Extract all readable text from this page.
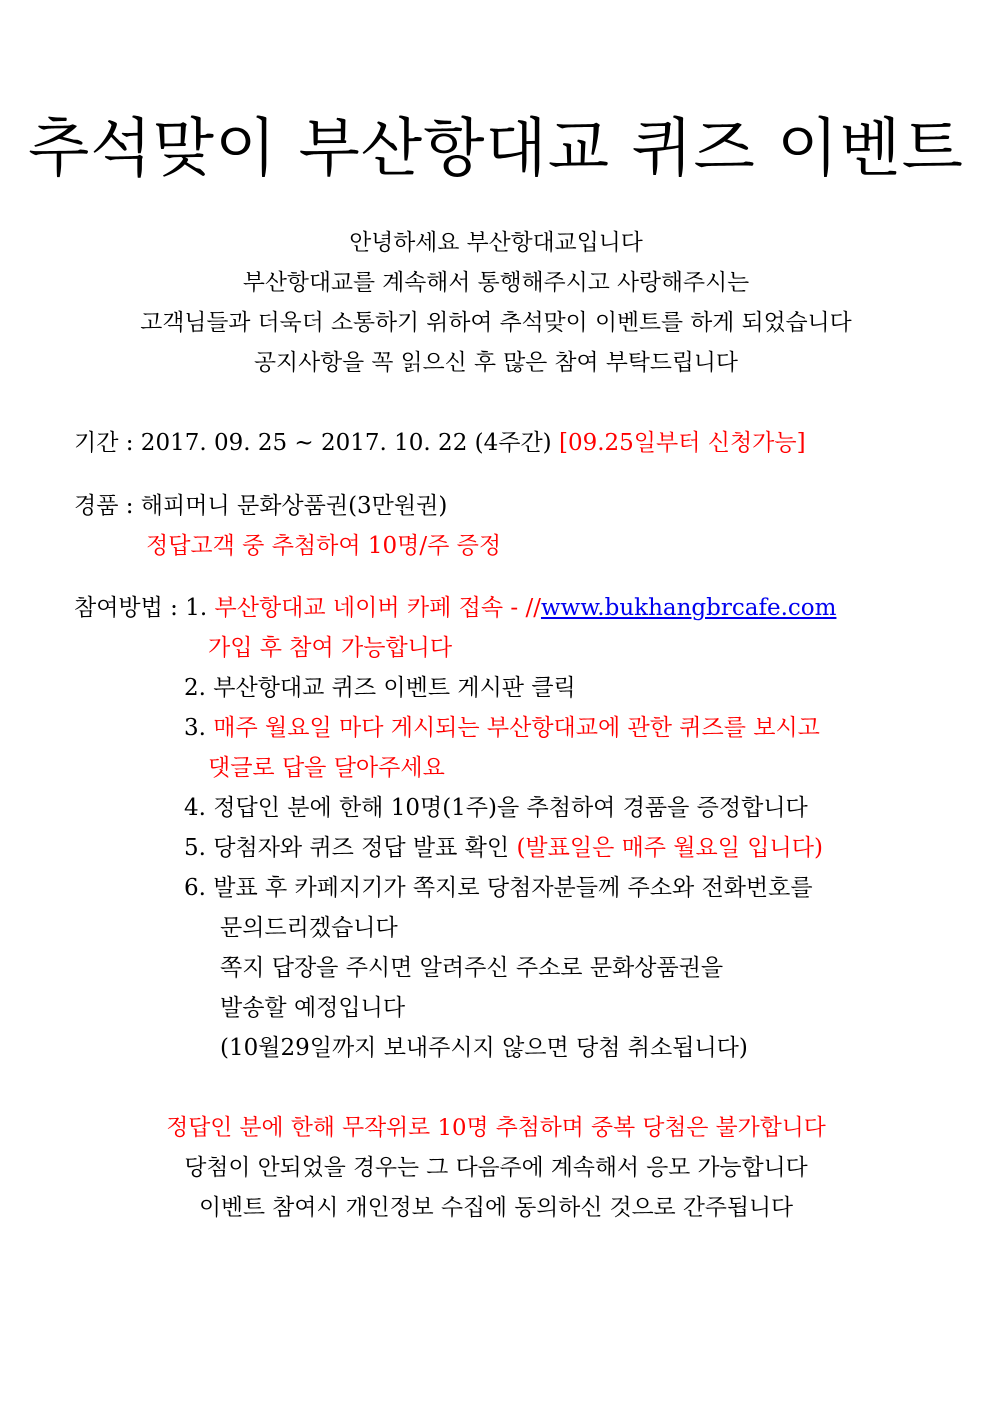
추석맞이 부산항대교 퀴즈 이벤트
안녕하세요 부산항대교입니다
부산항대교를 계속해서 통행해주시고 사랑해주시는
고객님들과 더욱더 소통하기 위하여 추석맞이 이벤트를 하게 되었습니다
공지사항을 꼭 읽으신 후 많은 참여 부탁드립니다
기간 : 2017. 09. 25 ~ 2017. 10. 22 (4주간) [09.25일부터 신청가능]
경품 : 해피머니 문화상품권(3만원권)
정답고객 중 추첨하여 10명/주 증정
참여방법 : 1. 부산항대교 네이버 카페 접속 - //www.bukhangbrcafe.com
가입 후 참여 가능합니다
2. 부산항대교 퀴즈 이벤트 게시판 클릭
3. 매주 월요일 마다 게시되는 부산항대교에 관한 퀴즈를 보시고
댓글로 답을 달아주세요
4. 정답인 분에 한해 10명(1주)을 추첨하여 경품을 증정합니다
5. 당첨자와 퀴즈 정답 발표 확인 (발표일은 매주 월요일 입니다)
6. 발표 후 카페지기가 쪽지로 당첨자분들께 주소와 전화번호를
문의드리겠습니다
쪽지 답장을 주시면 알려주신 주소로 문화상품권을
발송할 예정입니다
(10월29일까지 보내주시지 않으면 당첨 취소됩니다)
정답인 분에 한해 무작위로 10명 추첨하며 중복 당첨은 불가합니다
당첨이 안되었을 경우는 그 다음주에 계속해서 응모 가능합니다
이벤트 참여시 개인정보 수집에 동의하신 것으로 간주됩니다
